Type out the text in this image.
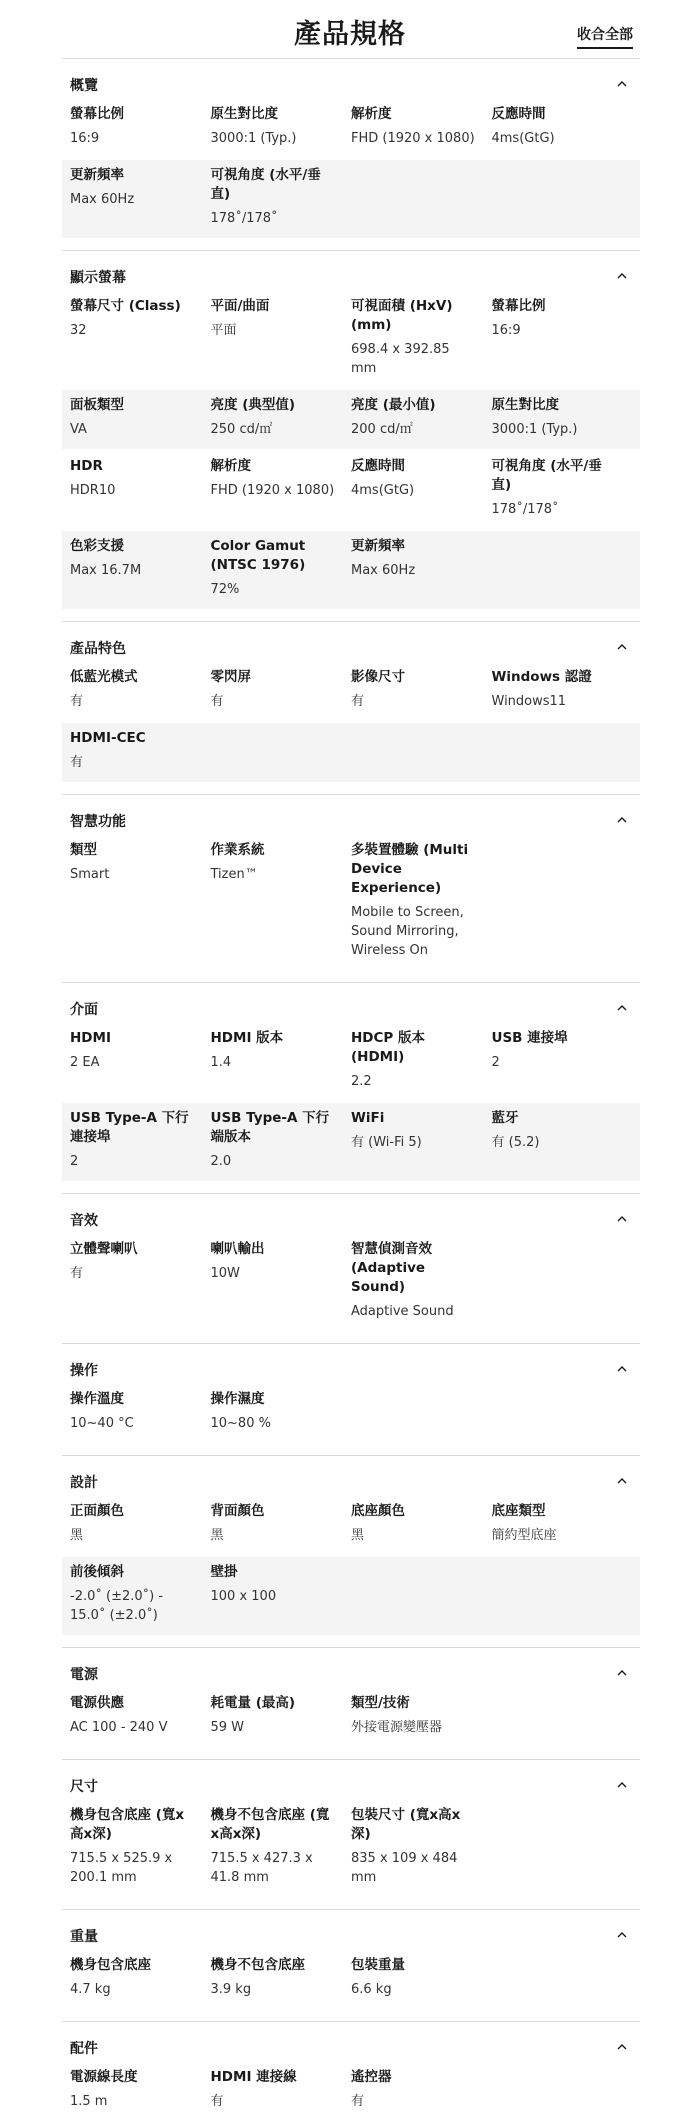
產品規格	收合全部
概覽
螢幕比例
16:9
原生對比度
3000:1 (Typ.)
解析度
FHD (1920 x 1080)
反應時間
4ms(GtG)
更新頻率
Max 60Hz
可視角度 (水平/垂直)
178˚/178˚
顯示螢幕
螢幕尺寸 (Class)
32
平面/曲面
平面
可視面積 (HxV) (mm)
698.4 x 392.85 mm
螢幕比例
16:9
面板類型
VA
亮度 (典型值)
250 cd/㎡
亮度 (最小值)
200 cd/㎡
原生對比度
3000:1 (Typ.)
HDR
HDR10
解析度
FHD (1920 x 1080)
反應時間
4ms(GtG)
可視角度 (水平/垂直)
178˚/178˚
色彩支援
Max 16.7M
Color Gamut (NTSC 1976)
72%
更新頻率
Max 60Hz
產品特色
低藍光模式
有
零閃屏
有
影像尺寸
有
Windows 認證
Windows11
HDMI-CEC
有
智慧功能
類型
Smart
作業系統
Tizen™
多裝置體驗 (Multi Device Experience)
Mobile to Screen, Sound Mirroring, Wireless On
介面
HDMI
2 EA
HDMI 版本
1.4
HDCP 版本 (HDMI)
2.2
USB 連接埠
2
USB Type-A 下行連接埠
2
USB Type-A 下行端版本
2.0
WiFi
有 (Wi-Fi 5)
藍牙
有 (5.2)
音效
立體聲喇叭
有
喇叭輸出
10W
智慧偵測音效 (Adaptive Sound)
Adaptive Sound
操作
操作溫度
10~40 °C
操作濕度
10~80 %
設計
正面顏色
黑
背面顏色
黑
底座顏色
黑
底座類型
簡約型底座
前後傾斜
-2.0˚ (±2.0˚) - 15.0˚ (±2.0˚)
壁掛
100 x 100
電源
電源供應
AC 100 - 240 V
耗電量 (最高)
59 W
類型/技術
外接電源變壓器
尺寸
機身包含底座 (寬x高x深)
715.5 x 525.9 x 200.1 mm
機身不包含底座 (寬x高x深)
715.5 x 427.3 x 41.8 mm
包裝尺寸 (寬x高x深)
835 x 109 x 484 mm
重量
機身包含底座
4.7 kg
機身不包含底座
3.9 kg
包裝重量
6.6 kg
配件
電源線長度
1.5 m
HDMI 連接線
有
遙控器
有
